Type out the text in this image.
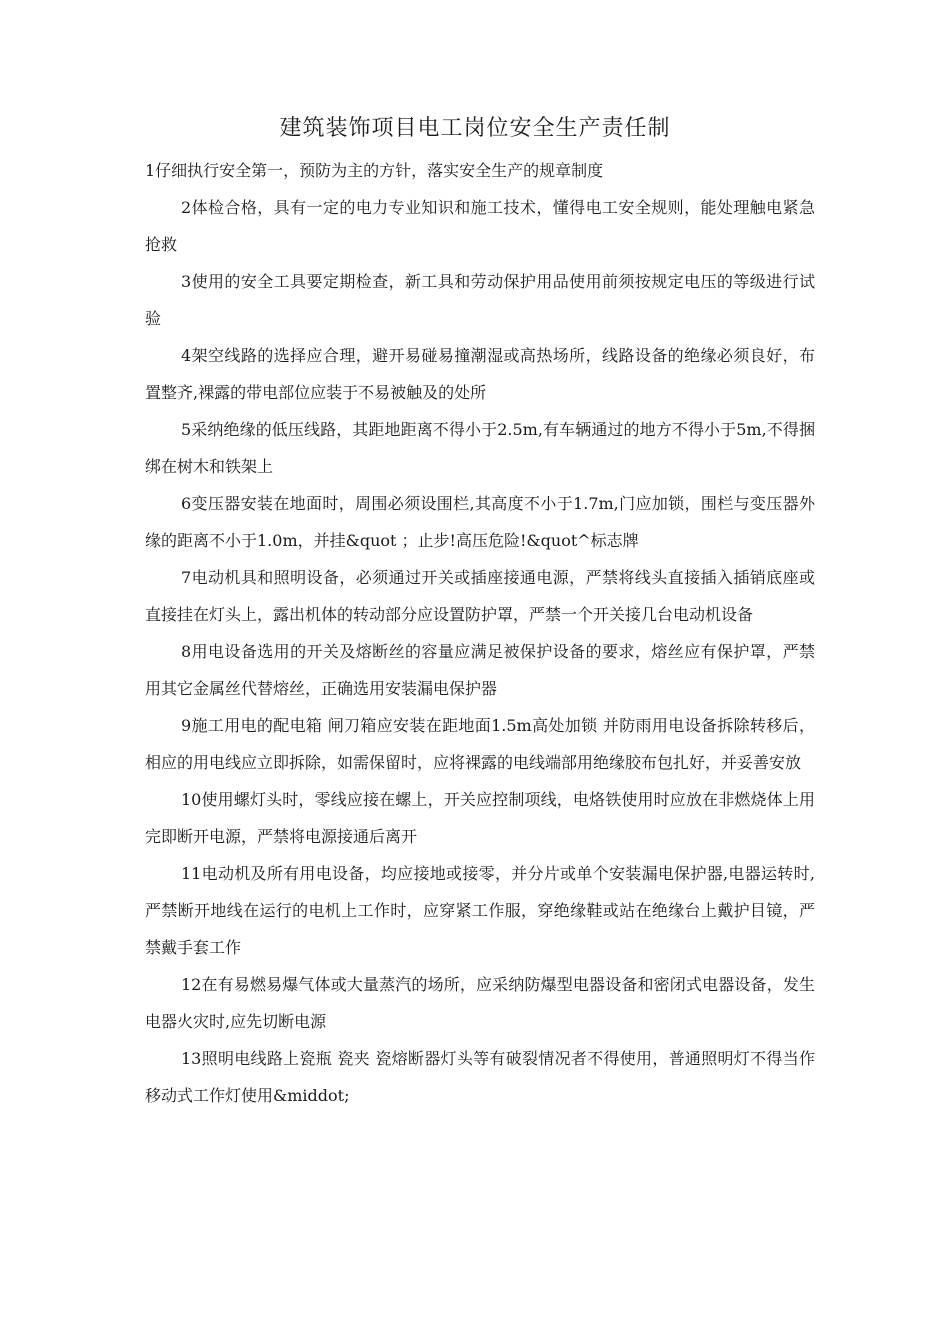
建筑装饰项目电工岗位安全生产责任制

1仔细执行安全第一，预防为主的方针，落实安全生产的规章制度

2体检合格，具有一定的电力专业知识和施工技术，懂得电工安全规则，能处理触电紧急抢救

3使用的安全工具要定期检查，新工具和劳动保护用品使用前须按规定电压的等级进行试验

4架空线路的选择应合理，避开易碰易撞潮湿或高热场所，线路设备的绝缘必须良好，布置整齐,裸露的带电部位应装于不易被触及的处所

5采纳绝缘的低压线路，其距地距离不得小于2.5m,有车辆通过的地方不得小于5m,不得捆绑在树木和铁架上

6变压器安装在地面时，周围必须设围栏,其高度不小于1.7m,门应加锁，围栏与变压器外缘的距离不小于1.0m，并挂&quot ；止步!高压危险!&quot^标志牌

7电动机具和照明设备，必须通过开关或插座接通电源，严禁将线头直接插入插销底座或直接挂在灯头上，露出机体的转动部分应设置防护罩，严禁一个开关接几台电动机设备

8用电设备选用的开关及熔断丝的容量应满足被保护设备的要求，熔丝应有保护罩，严禁用其它金属丝代替熔丝，正确选用安装漏电保护器

9施工用电的配电箱 闸刀箱应安装在距地面1.5m高处加锁 并防雨用电设备拆除转移后，相应的用电线应立即拆除，如需保留时，应将裸露的电线端部用绝缘胶布包扎好，并妥善安放

10使用螺灯头时，零线应接在螺上，开关应控制项线，电烙铁使用时应放在非燃烧体上用完即断开电源，严禁将电源接通后离开

11电动机及所有用电设备，均应接地或接零，并分片或单个安装漏电保护器,电器运转时,严禁断开地线在运行的电机上工作时，应穿紧工作服，穿绝缘鞋或站在绝缘台上戴护目镜，严禁戴手套工作

12在有易燃易爆气体或大量蒸汽的场所，应采纳防爆型电器设备和密闭式电器设备，发生电器火灾时,应先切断电源

13照明电线路上瓷瓶 瓷夹 瓷熔断器灯头等有破裂情况者不得使用，普通照明灯不得当作移动式工作灯使用&middot;
